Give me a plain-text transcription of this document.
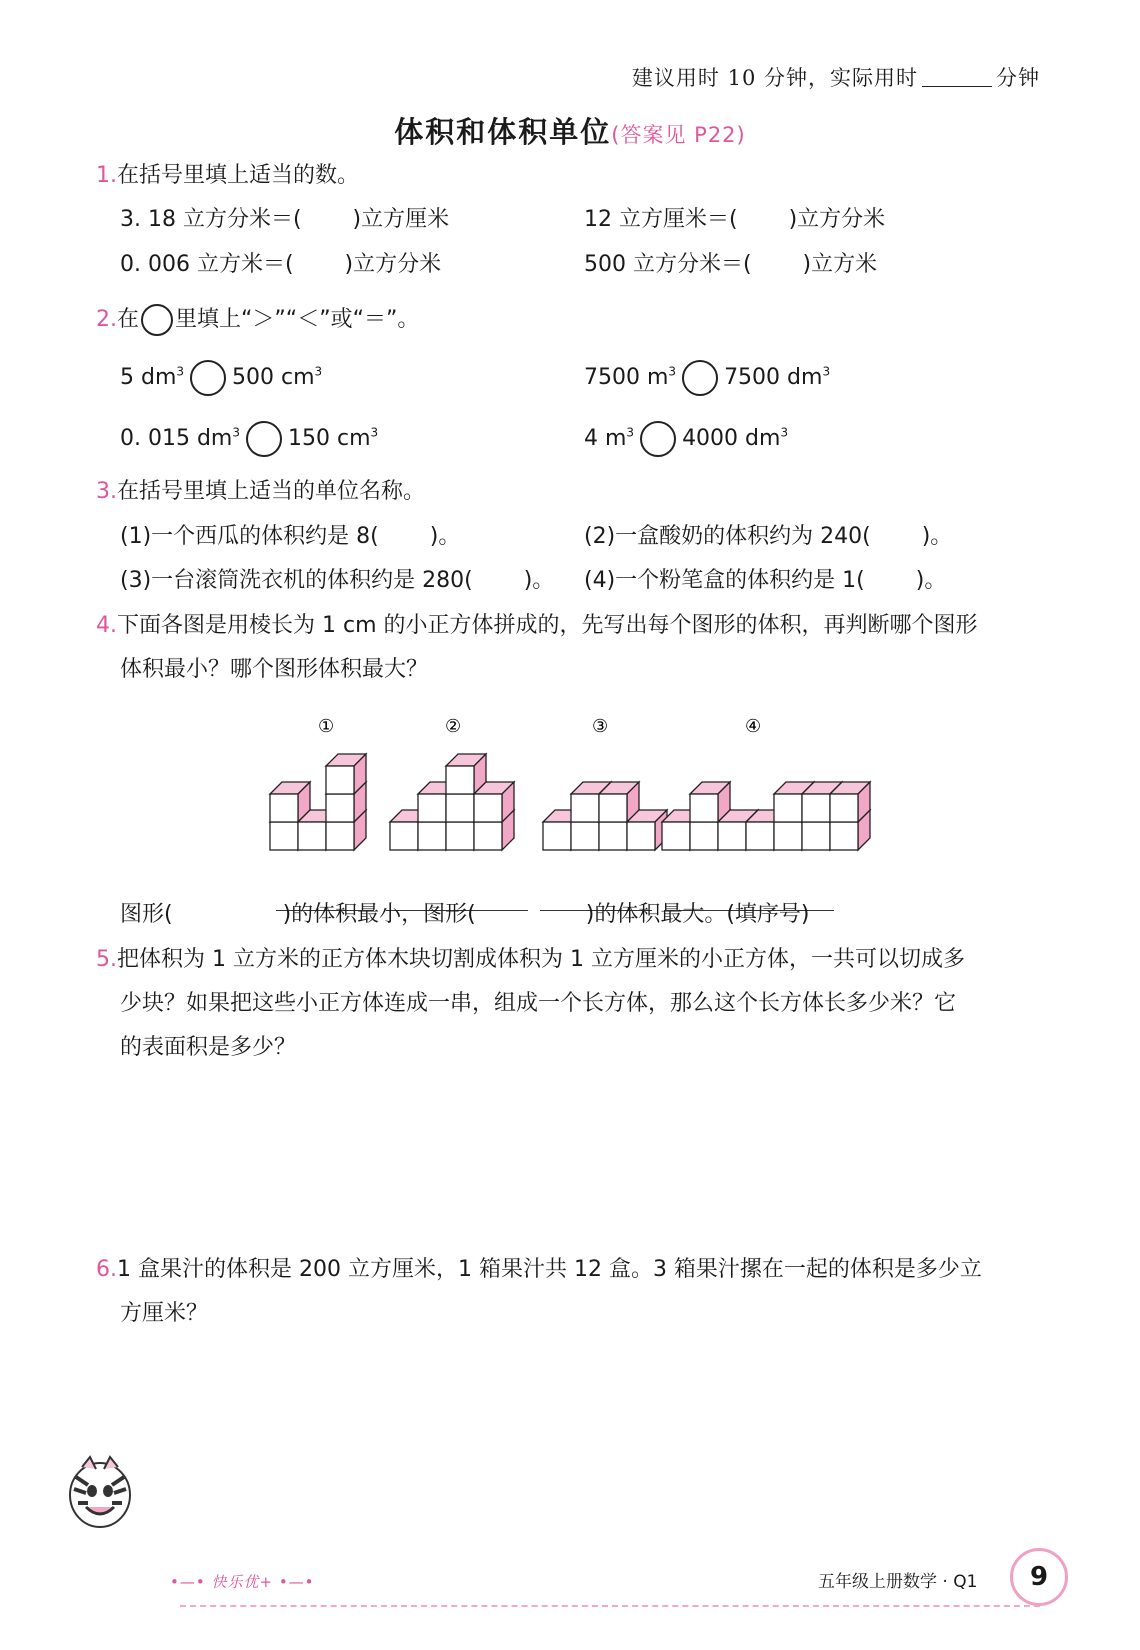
建议用时 10 分钟，实际用时	分钟
体积和体积单位(答案见 P22)
1.在括号里填上适当的数。
3. 18 立方分米＝(　　 )立方厘米	12 立方厘米＝(　　 )立方分米
0. 006 立方米＝(　　 )立方分米	500 立方分米＝(　　 )立方米
2.在 里填上“＞”“＜”或“＝”。
5 $dm^3$ 500 $cm^3$	7500 $m^3$ 7500 $dm^3$
0. 015 $dm^3$ 150 $cm^3$	4 $m^3$ 4000 $dm^3$
3.在括号里填上适当的单位名称。
(1)一个西瓜的体积约是 8(　　 )。	(2)一盒酸奶的体积约为 240(　　 )。
(3)一台滚筒洗衣机的体积约是 280(　　 )。 (4)一个粉笔盒的体积约是 1(　　 )。
4.下面各图是用棱长为 1 cm 的小正方体拼成的，先写出每个图形的体积，再判断哪个图形
体积最小？哪个图形体积最大？
①	②	③	④
图形(　　　　　)的体积最小，图形(　　　　　)的体积最大。(填序号)
5.把体积为 1 立方米的正方体木块切割成体积为 1 立方厘米的小正方体，一共可以切成多
少块？如果把这些小正方体连成一串，组成一个长方体，那么这个长方体长多少米？它
的表面积是多少？
6.1 盒果汁的体积是 200 立方厘米，1 箱果汁共 12 盒。3 箱果汁摞在一起的体积是多少立
方厘米？
•—• 快乐优+ •—•	五年级上册数学 · Q1	9
